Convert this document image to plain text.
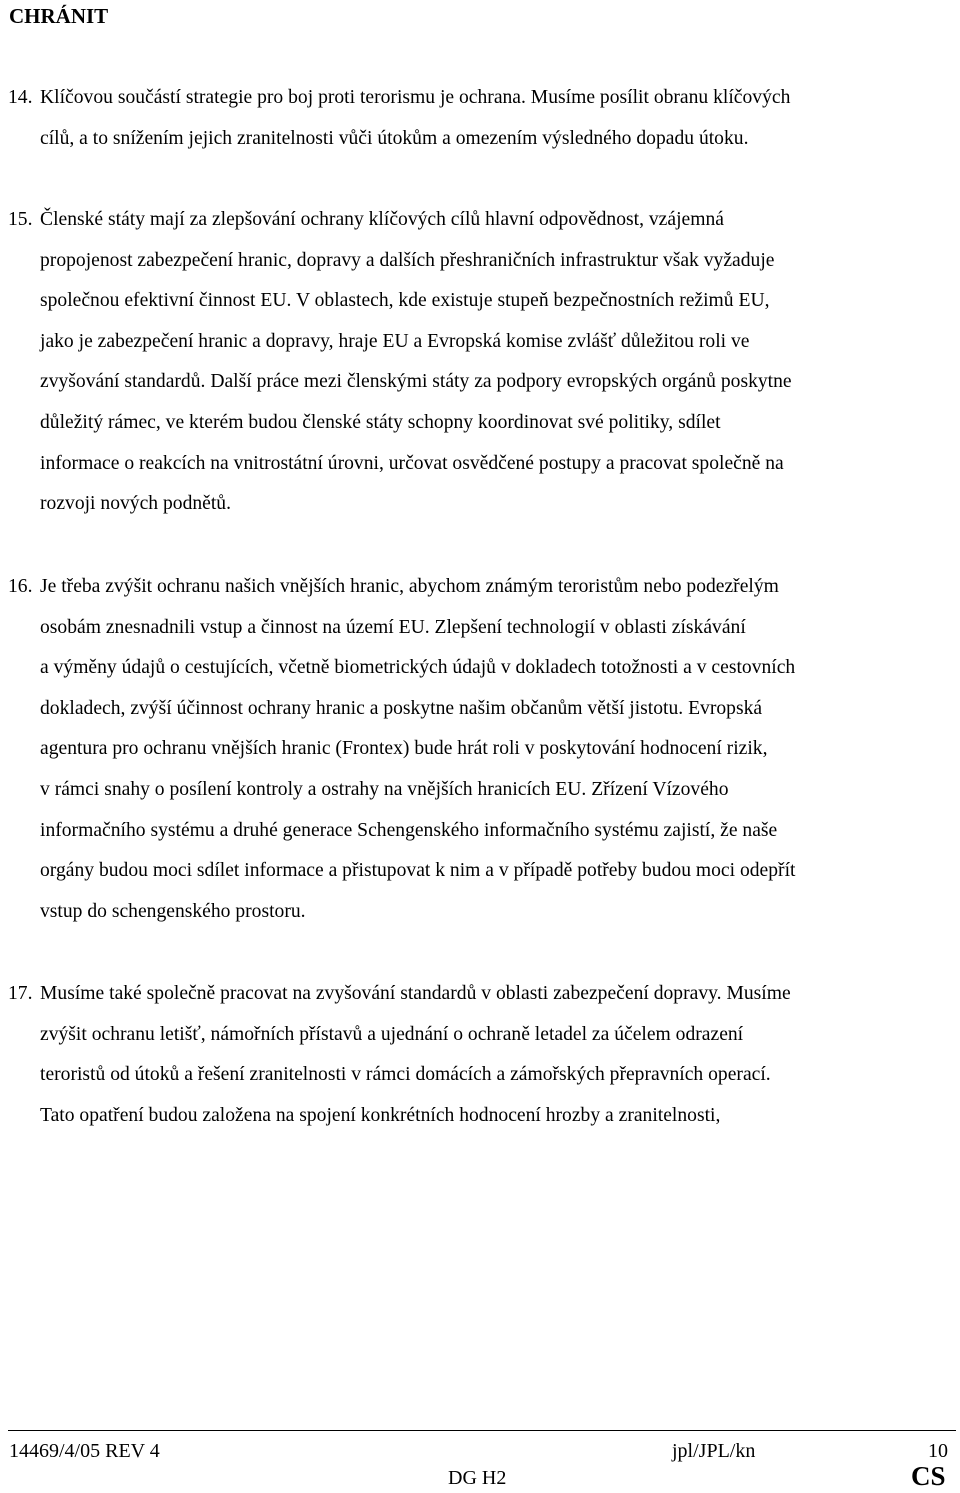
CHRÁNIT
14. Klíčovou součástí strategie pro boj proti terorismu je ochrana. Musíme posílit obranu klíčových
cílů, a to snížením jejich zranitelnosti vůči útokům a omezením výsledného dopadu útoku.
15. Členské státy mají za zlepšování ochrany klíčových cílů hlavní odpovědnost, vzájemná
propojenost zabezpečení hranic, dopravy a dalších přeshraničních infrastruktur však vyžaduje
společnou efektivní činnost EU. V oblastech, kde existuje stupeň bezpečnostních režimů EU,
jako je zabezpečení hranic a dopravy, hraje EU a Evropská komise zvlášť důležitou roli ve
zvyšování standardů. Další práce mezi členskými státy za podpory evropských orgánů poskytne
důležitý rámec, ve kterém budou členské státy schopny koordinovat své politiky, sdílet
informace o reakcích na vnitrostátní úrovni, určovat osvědčené postupy a pracovat společně na
rozvoji nových podnětů.
16. Je třeba zvýšit ochranu našich vnějších hranic, abychom známým teroristům nebo podezřelým
osobám znesnadnili vstup a činnost na území EU. Zlepšení technologií v oblasti získávání
a výměny údajů o cestujících, včetně biometrických údajů v dokladech totožnosti a v cestovních
dokladech, zvýší účinnost ochrany hranic a poskytne našim občanům větší jistotu. Evropská
agentura pro ochranu vnějších hranic (Frontex) bude hrát roli v poskytování hodnocení rizik,
v rámci snahy o posílení kontroly a ostrahy na vnějších hranicích EU. Zřízení Vízového
informačního systému a druhé generace Schengenského informačního systému zajistí, že naše
orgány budou moci sdílet informace a přistupovat k nim a v případě potřeby budou moci odepřít
vstup do schengenského prostoru.
17. Musíme také společně pracovat na zvyšování standardů v oblasti zabezpečení dopravy. Musíme
zvýšit ochranu letišť, námořních přístavů a ujednání o ochraně letadel za účelem odrazení
teroristů od útoků a řešení zranitelnosti v rámci domácích a zámořských přepravních operací.
Tato opatření budou založena na spojení konkrétních hodnocení hrozby a zranitelnosti,
14469/4/05 REV 4	jpl/JPL/kn	10
DG H2	CS
